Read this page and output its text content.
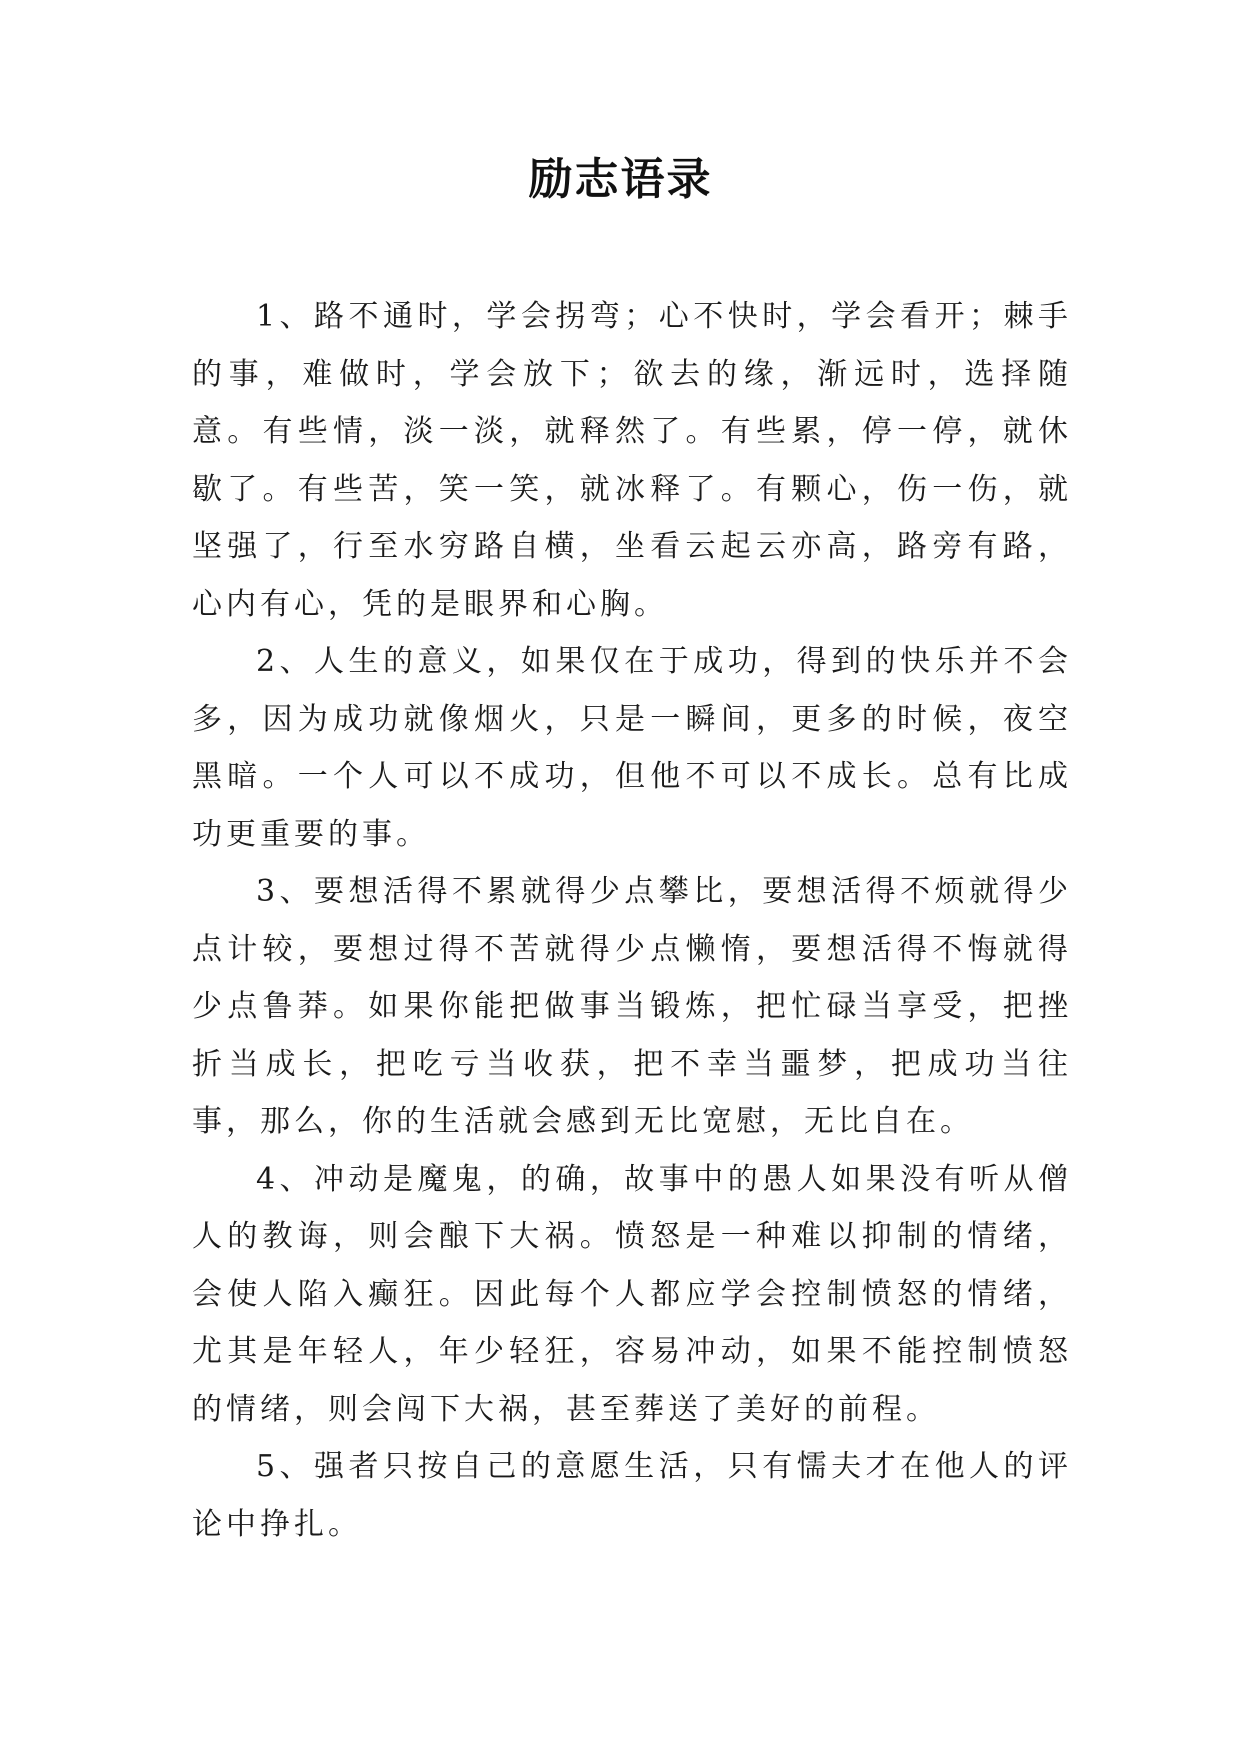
励志语录

1、路不通时，学会拐弯；心不快时，学会看开；棘手的事，难做时，学会放下；欲去的缘，渐远时，选择随意。有些情，淡一淡，就释然了。有些累，停一停，就休歇了。有些苦，笑一笑，就冰释了。有颗心，伤一伤，就坚强了，行至水穷路自横，坐看云起云亦高，路旁有路，心内有心，凭的是眼界和心胸。

2、人生的意义，如果仅在于成功，得到的快乐并不会多，因为成功就像烟火，只是一瞬间，更多的时候，夜空黑暗。一个人可以不成功，但他不可以不成长。总有比成功更重要的事。

3、要想活得不累就得少点攀比，要想活得不烦就得少点计较，要想过得不苦就得少点懒惰，要想活得不悔就得少点鲁莽。如果你能把做事当锻炼，把忙碌当享受，把挫折当成长，把吃亏当收获，把不幸当噩梦，把成功当往事，那么，你的生活就会感到无比宽慰，无比自在。

4、冲动是魔鬼，的确，故事中的愚人如果没有听从僧人的教诲，则会酿下大祸。愤怒是一种难以抑制的情绪，会使人陷入癫狂。因此每个人都应学会控制愤怒的情绪，尤其是年轻人，年少轻狂，容易冲动，如果不能控制愤怒的情绪，则会闯下大祸，甚至葬送了美好的前程。

5、强者只按自己的意愿生活，只有懦夫才在他人的评论中挣扎。
